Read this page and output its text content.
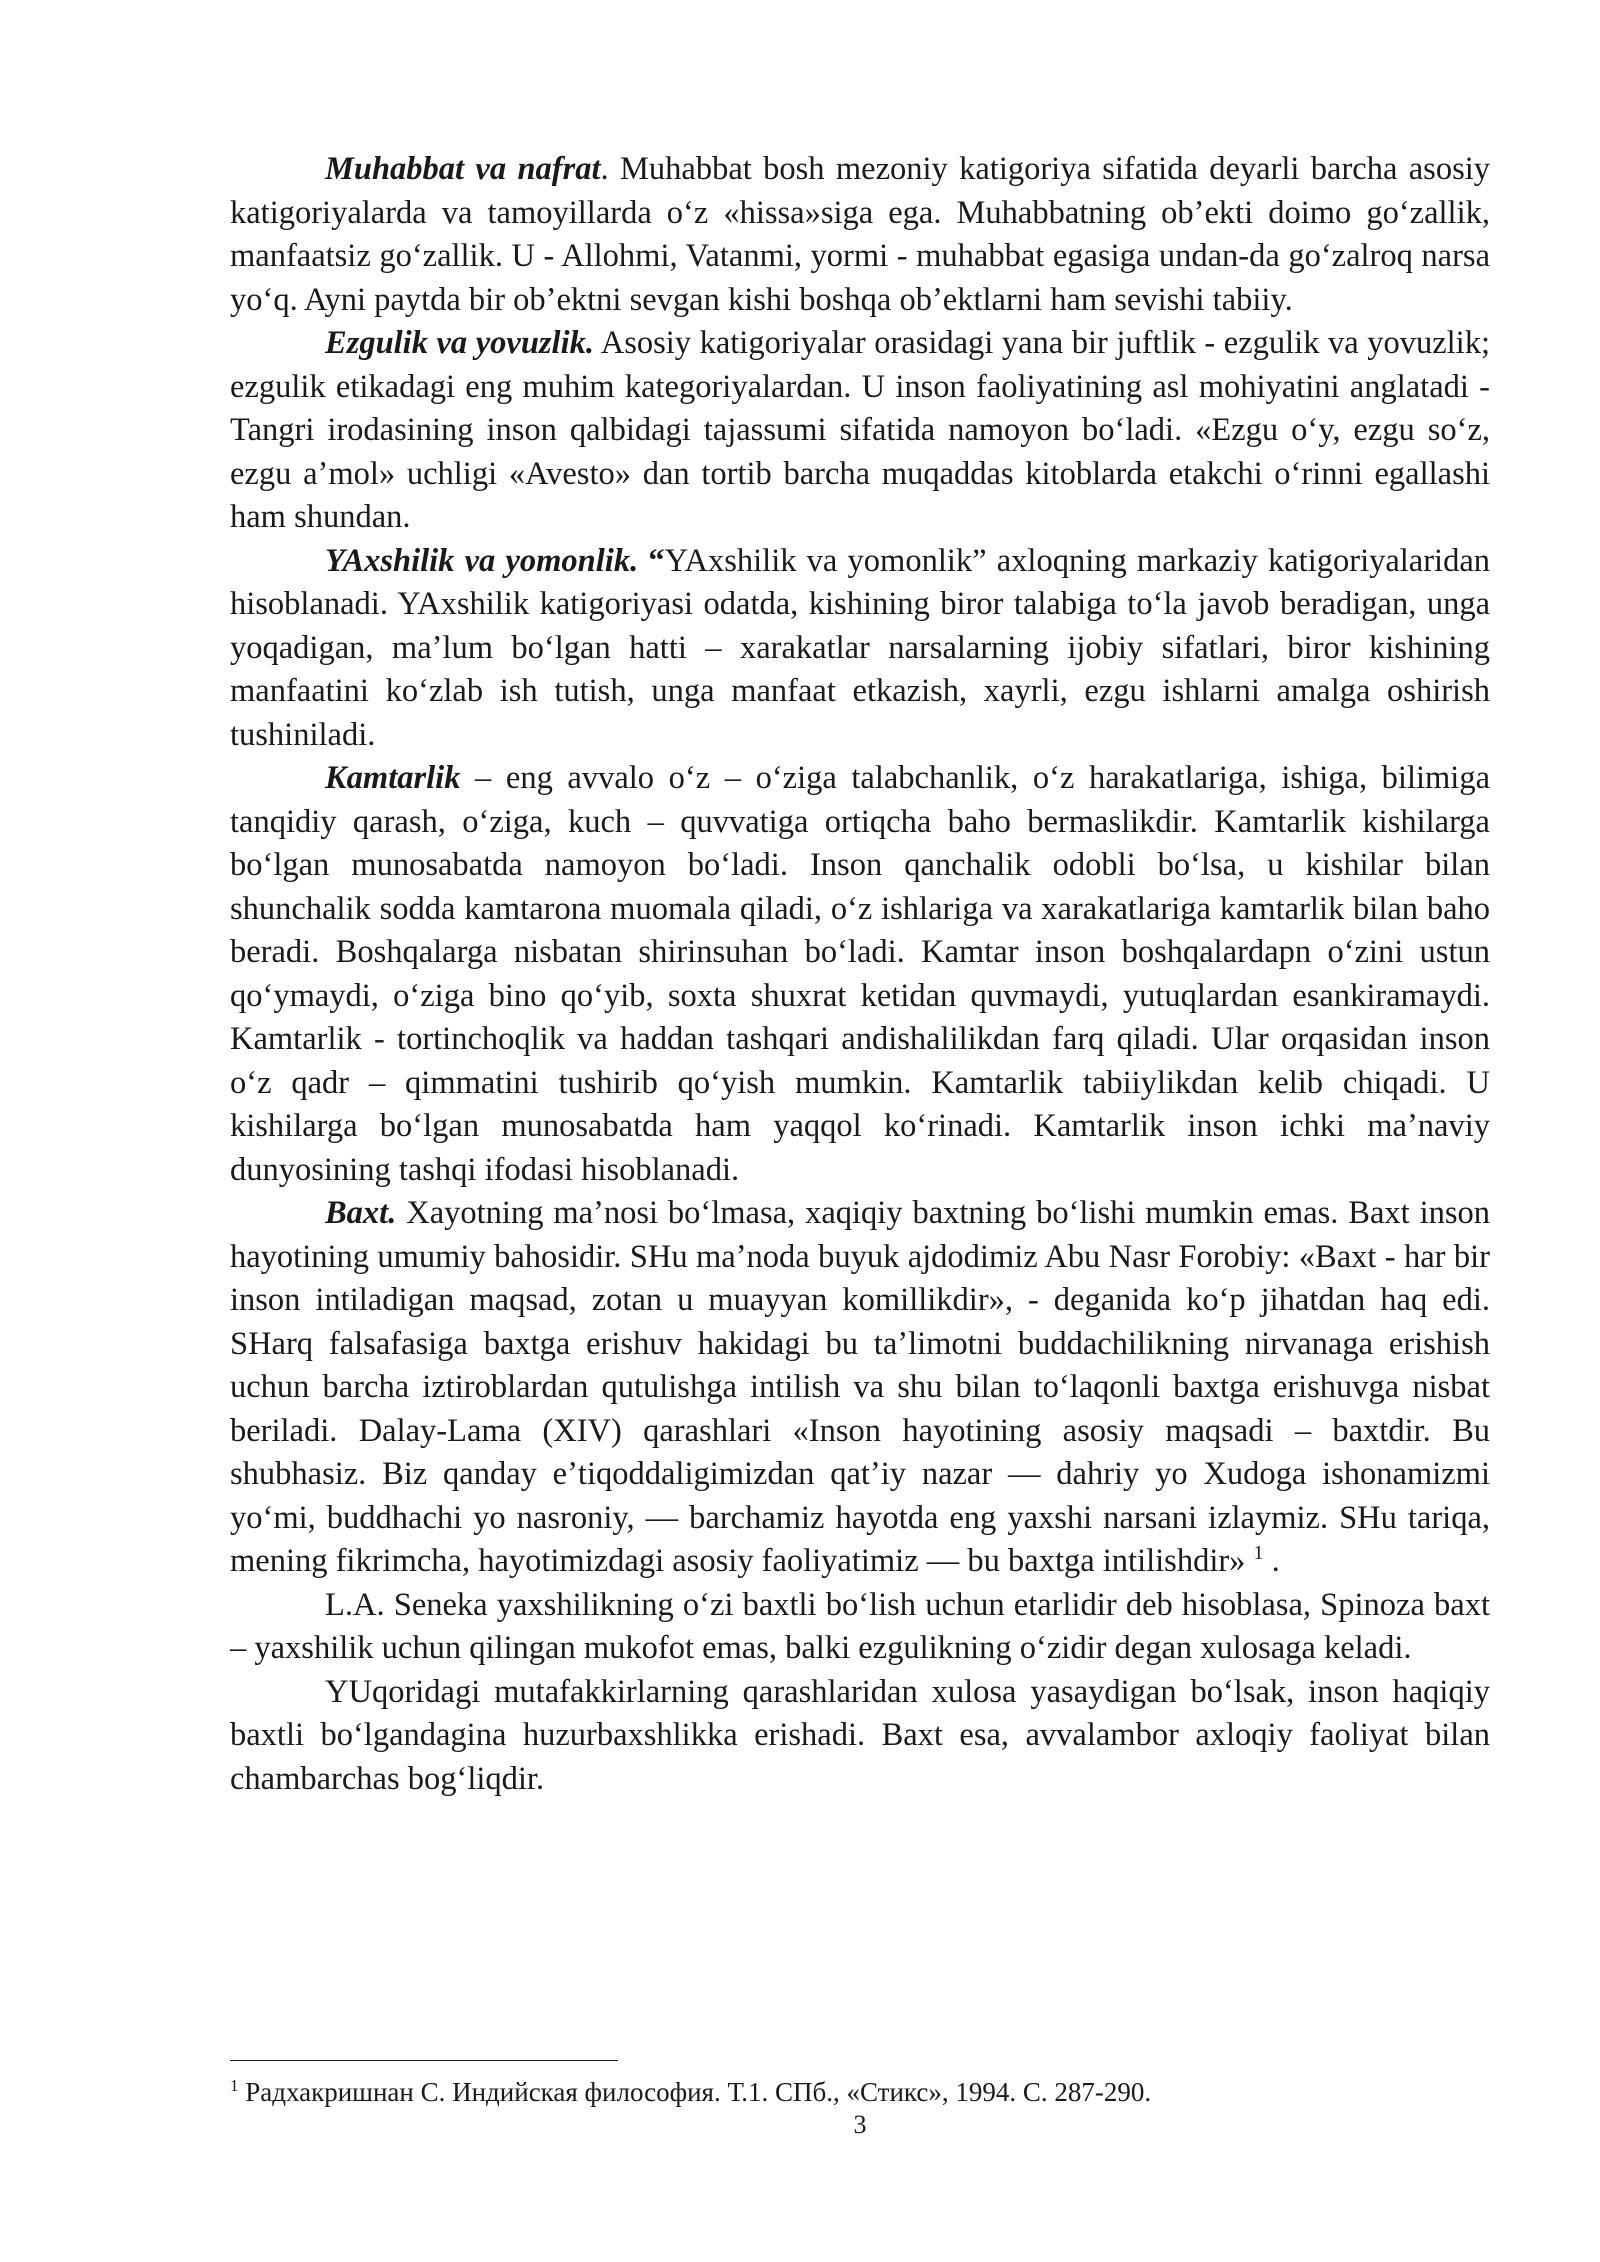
Muhabbat va nafrat. Muhabbat bosh mezoniy katigoriya sifatida deyarli barcha asosiy katigoriyalarda va tamoyillarda oʻz «hissa»siga ega. Muhabbatning obʼekti doimo goʻzallik, manfaatsiz goʻzallik. U - Allohmi, Vatanmi, yormi - muhabbat egasiga undan-da goʻzalroq narsa yoʻq. Ayni paytda bir obʼektni sevgan kishi boshqa obʼektlarni ham sevishi tabiiy.

Ezgulik va yovuzlik. Asosiy katigoriyalar orasidagi yana bir juftlik - ezgulik va yovuzlik; ezgulik etikadagi eng muhim kategoriyalardan. U inson faoliyatining asl mohiyatini anglatadi - Tangri irodasining inson qalbidagi tajassumi sifatida namoyon boʻladi. «Ezgu oʻy, ezgu soʻz, ezgu aʼmol» uchligi «Avesto» dan tortib barcha muqaddas kitoblarda etakchi oʻrinni egallashi ham shundan.

YAxshilik va yomonlik. “YAxshilik va yomonlik” axloqning markaziy katigoriyalaridan hisoblanadi. YAxshilik katigoriyasi odatda, kishining biror talabiga toʻla javob beradigan, unga yoqadigan, maʼlum boʻlgan hatti – xarakatlar narsalarning ijobiy sifatlari, biror kishining manfaatini koʻzlab ish tutish, unga manfaat etkazish, xayrli, ezgu ishlarni amalga oshirish tushiniladi.

Kamtarlik – eng avvalo oʻz – oʻziga talabchanlik, oʻz harakatlariga, ishiga, bilimiga tanqidiy qarash, oʻziga, kuch – quvvatiga ortiqcha baho bermaslikdir. Kamtarlik kishilarga boʻlgan munosabatda namoyon boʻladi. Inson qanchalik odobli boʻlsa, u kishilar bilan shunchalik sodda kamtarona muomala qiladi, oʻz ishlariga va xarakatlariga kamtarlik bilan baho beradi. Boshqalarga nisbatan shirinsuhan boʻladi. Kamtar inson boshqalardapn oʻzini ustun qoʻymaydi, oʻziga bino qoʻyib, soxta shuxrat ketidan quvmaydi, yutuqlardan esankiramaydi. Kamtarlik - tortinchoqlik va haddan tashqari andishalilikdan farq qiladi. Ular orqasidan inson oʻz qadr – qimmatini tushirib qoʻyish mumkin. Kamtarlik tabiiylikdan kelib chiqadi. U kishilarga boʻlgan munosabatda ham yaqqol koʻrinadi. Kamtarlik inson ichki maʼnaviy dunyosining tashqi ifodasi hisoblanadi.

Baxt. Xayotning maʼnosi boʻlmasa, xaqiqiy baxtning boʻlishi mumkin emas. Baxt inson hayotining umumiy bahosidir. SHu maʼnoda buyuk ajdodimiz Abu Nasr Forobiy: «Baxt - har bir inson intiladigan maqsad, zotan u muayyan komillikdir», - deganida koʻp jihatdan haq edi. SHarq falsafasiga baxtga erishuv hakidagi bu taʼlimotni buddachilikning nirvanaga erishish uchun barcha iztiroblardan qutulishga intilish va shu bilan toʻlaqonli baxtga erishuvga nisbat beriladi. Dalay-Lama (XIV) qarashlari «Inson hayotining asosiy maqsadi – baxtdir. Bu shubhasiz. Biz qanday eʼtiqoddaligimizdan qatʼiy nazar — dahriy yo Xudoga ishonamizmi yoʻmi, buddhachi yo nasroniy, — barchamiz hayotda eng yaxshi narsani izlaymiz. SHu tariqa, mening fikrimcha, hayotimizdagi asosiy faoliyatimiz — bu baxtga intilishdir» $^1$ .

L.A. Seneka yaxshilikning oʻzi baxtli boʻlish uchun etarlidir deb hisoblasa, Spinoza baxt – yaxshilik uchun qilingan mukofot emas, balki ezgulikning oʻzidir degan xulosaga keladi.

YUqoridagi mutafakkirlarning qarashlaridan xulosa yasaydigan boʻlsak, inson haqiqiy baxtli boʻlgandagina huzurbaxshlikka erishadi. Baxt esa, avvalambor axloqiy faoliyat bilan chambarchas bogʻliqdir.

$^1$ Радхакришнан С. Индийская философия. Т.1. СПб., «Стикс», 1994. С. 287-290.

3
